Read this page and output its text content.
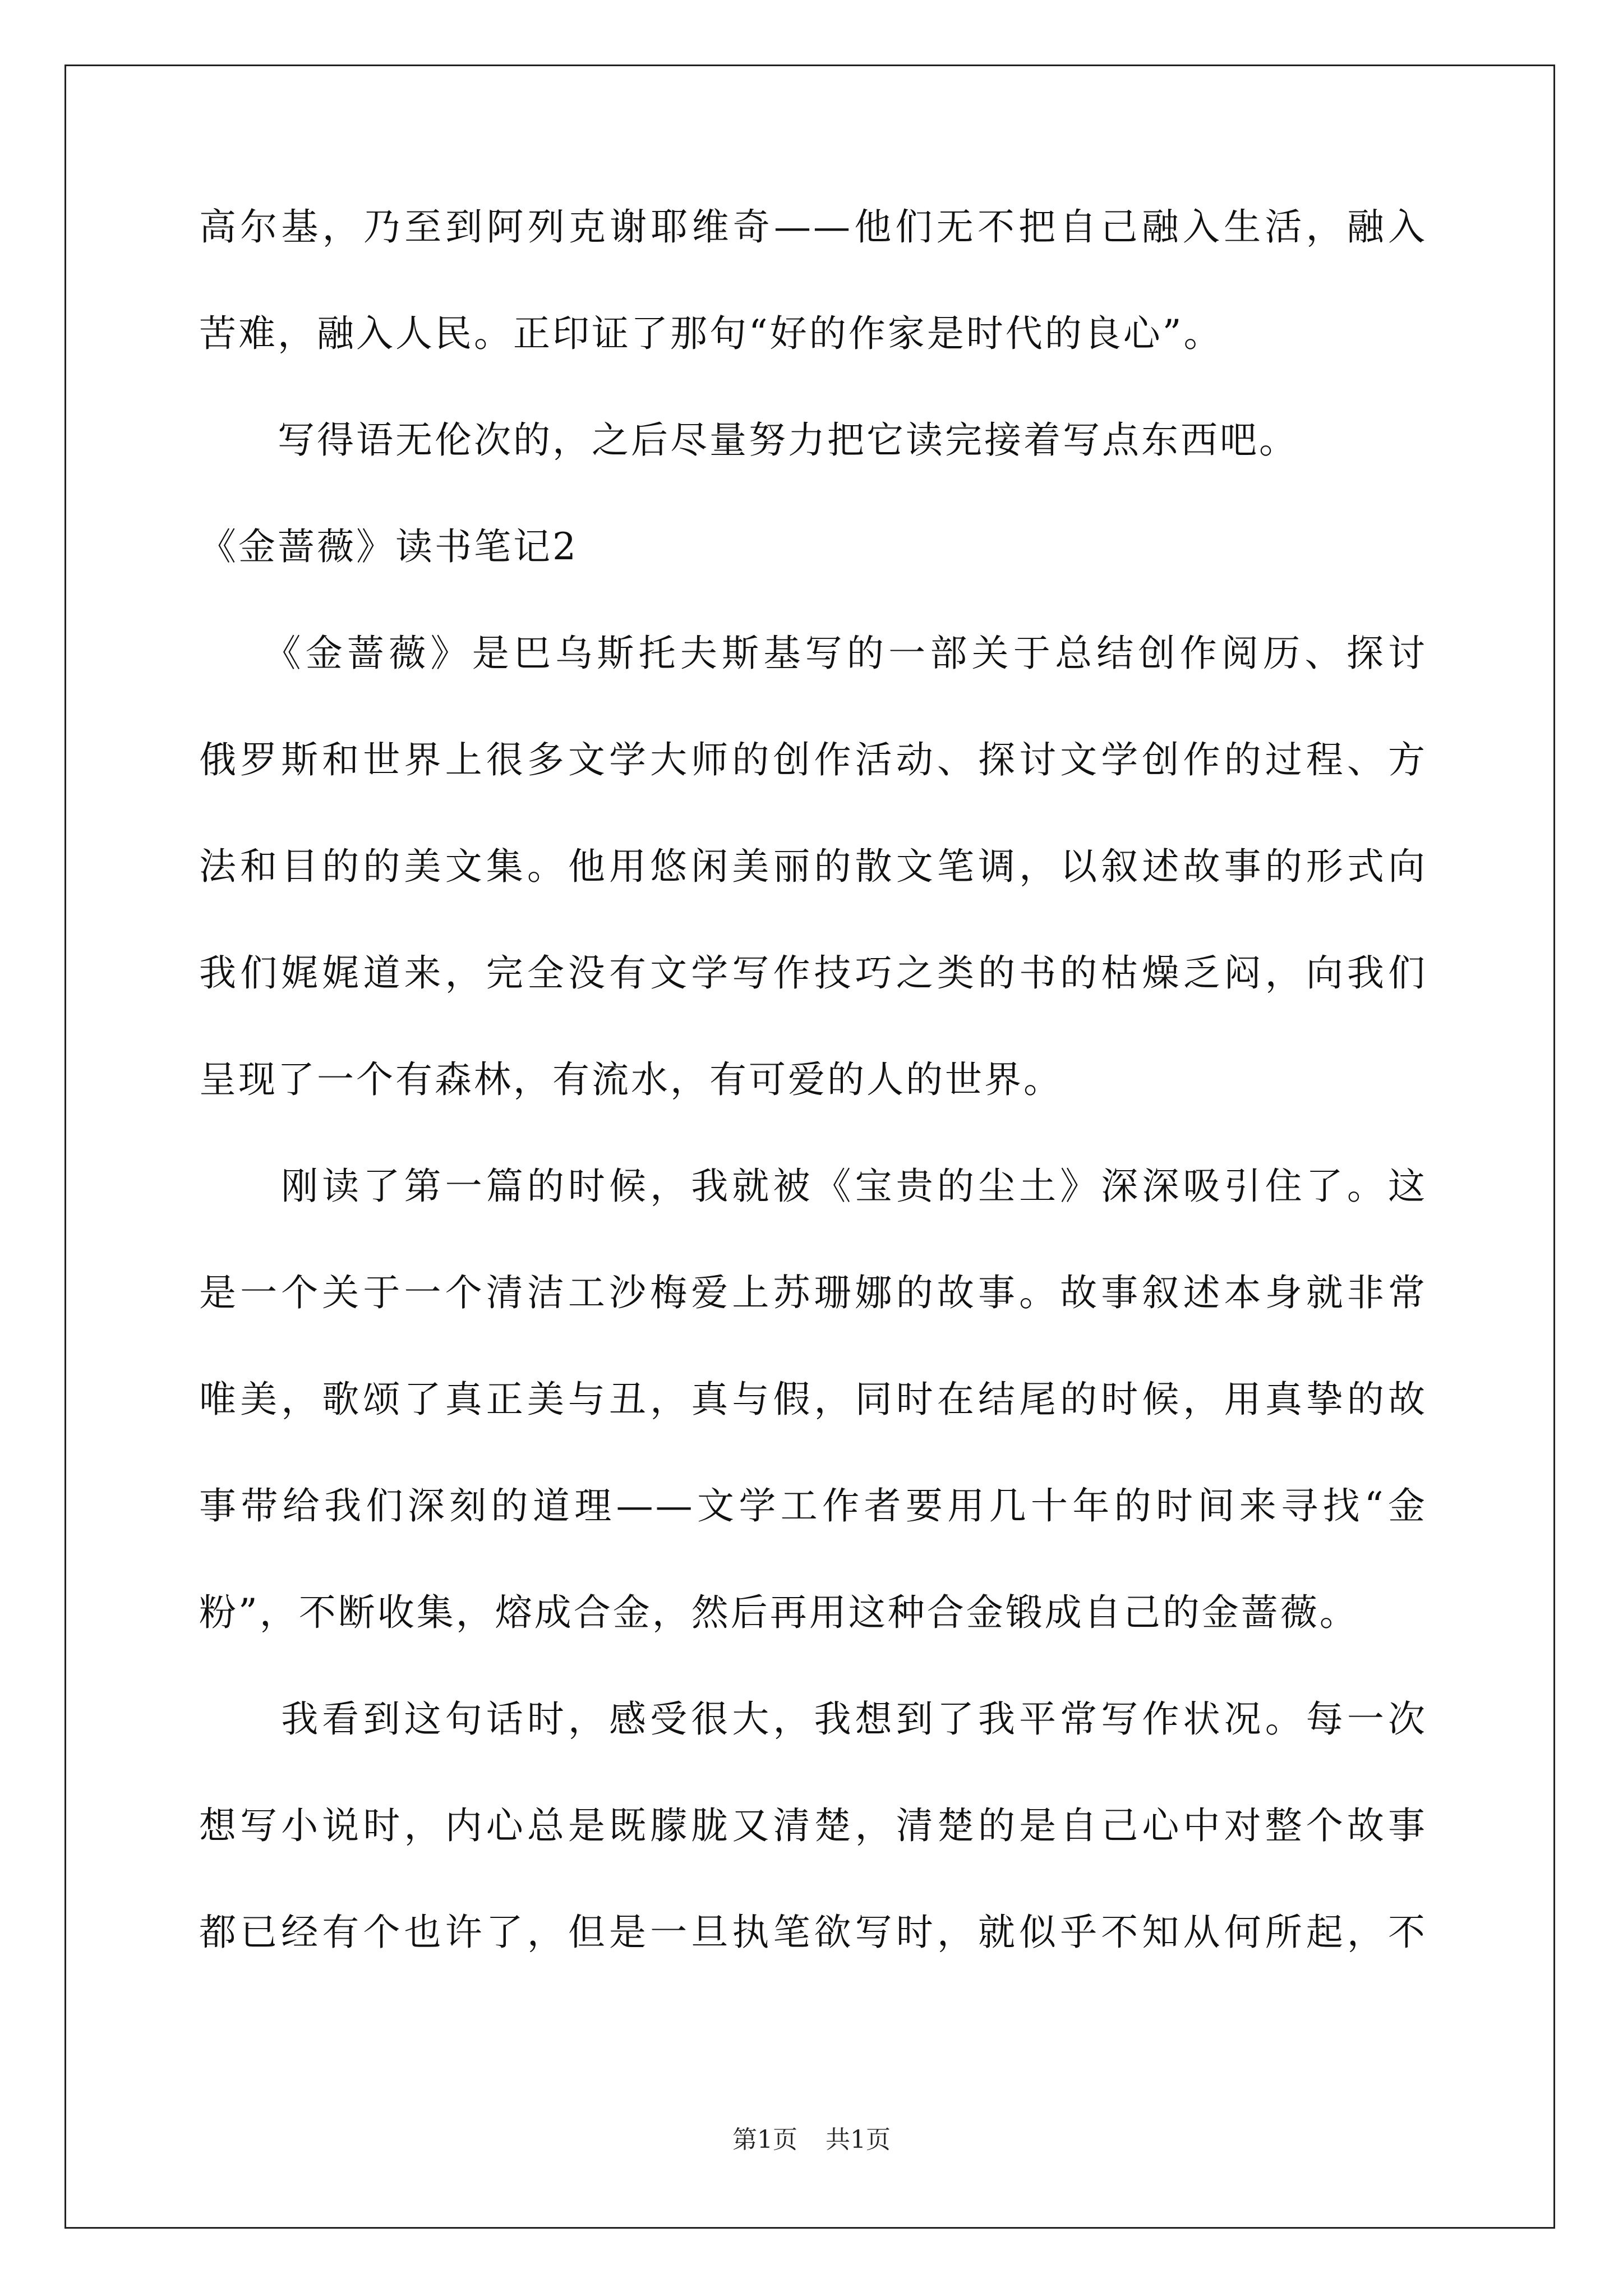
高尔基，乃至到阿列克谢耶维奇——他们无不把自己融入生活，融入
苦难，融入人民。正印证了那句“好的作家是时代的良心”。
　　写得语无伦次的，之后尽量努力把它读完接着写点东西吧。
《金蔷薇》读书笔记2
　　《金蔷薇》是巴乌斯托夫斯基写的一部关于总结创作阅历、探讨
俄罗斯和世界上很多文学大师的创作活动、探讨文学创作的过程、方
法和目的的美文集。他用悠闲美丽的散文笔调，以叙述故事的形式向
我们娓娓道来，完全没有文学写作技巧之类的书的枯燥乏闷，向我们
呈现了一个有森林，有流水，有可爱的人的世界。
　　刚读了第一篇的时候，我就被《宝贵的尘土》深深吸引住了。这
是一个关于一个清洁工沙梅爱上苏珊娜的故事。故事叙述本身就非常
唯美，歌颂了真正美与丑，真与假，同时在结尾的时候，用真挚的故
事带给我们深刻的道理——文学工作者要用几十年的时间来寻找“金
粉”，不断收集，熔成合金，然后再用这种合金锻成自己的金蔷薇。
　　我看到这句话时，感受很大，我想到了我平常写作状况。每一次
想写小说时，内心总是既朦胧又清楚，清楚的是自己心中对整个故事
都已经有个也许了，但是一旦执笔欲写时，就似乎不知从何所起，不
第1页 共1页
